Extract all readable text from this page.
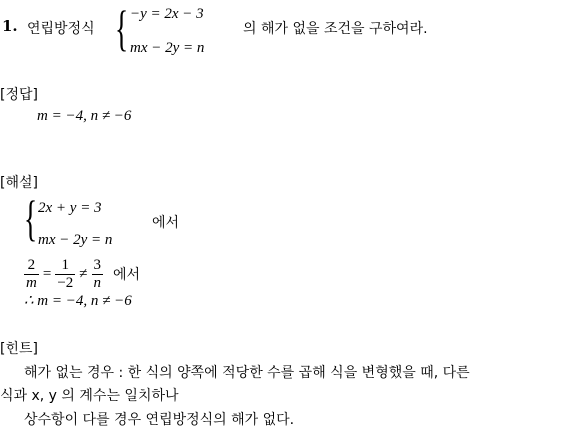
1. 연립방정식 { −y = 2x − 3
mx − 2y = n
의 해가 없을 조건을 구하여라.
[정답]
m = −4, n ≠ −6
[해설]
{ 2x + y = 3
mx − 2y = n
에서
$\frac{2}{m} = \frac{1}{-2} \ne \frac{3}{n}$ 에서
∴ m = −4, n ≠ −6
[힌트]
해가 없는 경우 : 한 식의 양쪽에 적당한 수를 곱해 식을 변형했을 때, 다른
식과 x, y 의 계수는 일치하나
상수항이 다를 경우 연립방정식의 해가 없다.
